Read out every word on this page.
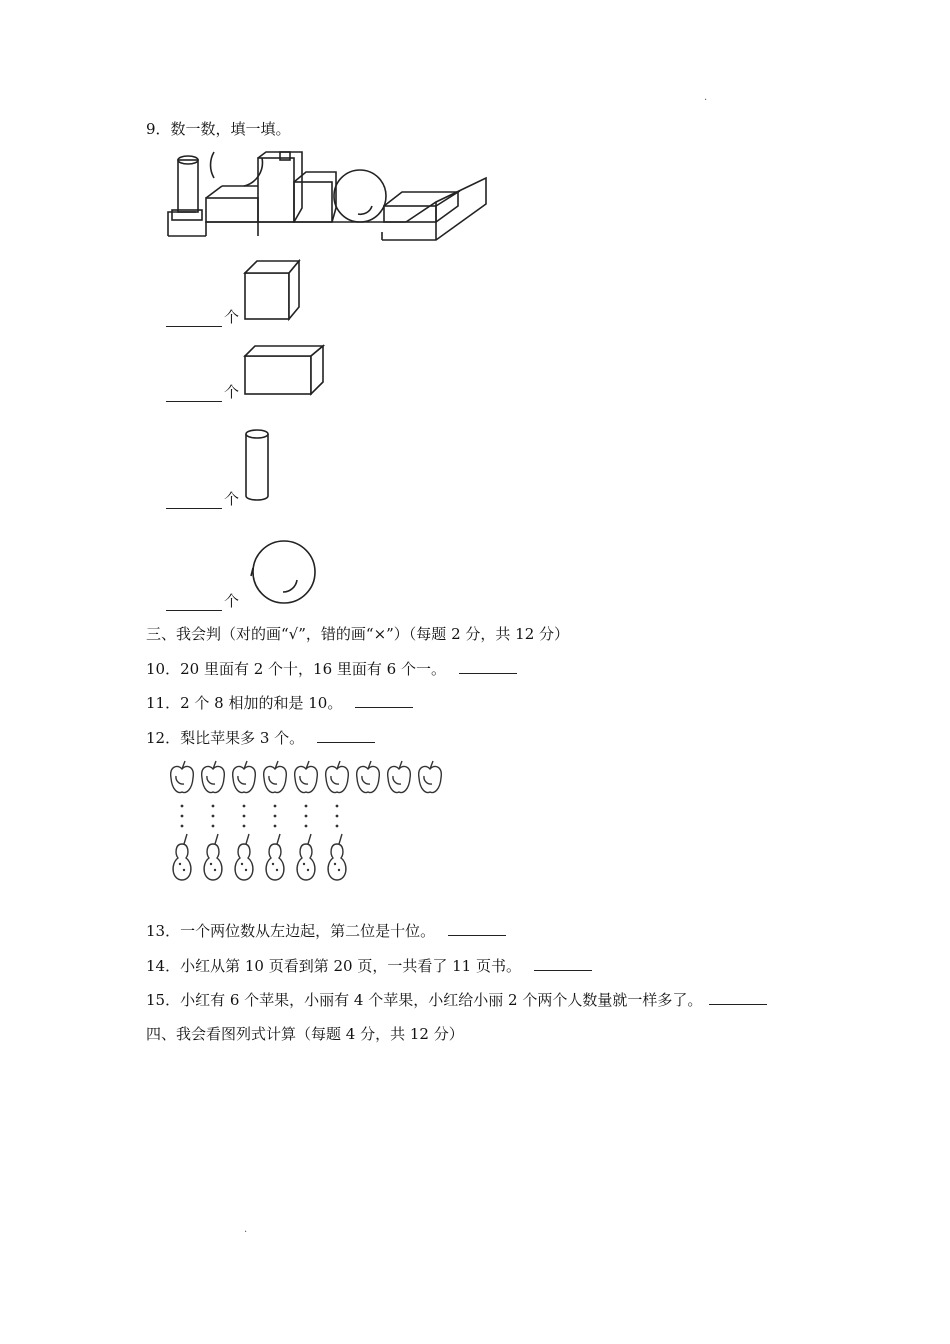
.
.
9．数一数，填一填。
个
个
个
个
三、我会判（对的画“√”，错的画“×”）（每题 2 分，共 12 分）
10．20 里面有 2 个十，16 里面有 6 个一。
11．2 个 8 相加的和是 10。
12．梨比苹果多 3 个。
13．一个两位数从左边起，第二位是十位。
14．小红从第 10 页看到第 20 页，一共看了 11 页书。
15．小红有 6 个苹果，小丽有 4 个苹果，小红给小丽 2 个两个人数量就一样多了。
四、我会看图列式计算（每题 4 分，共 12 分）
